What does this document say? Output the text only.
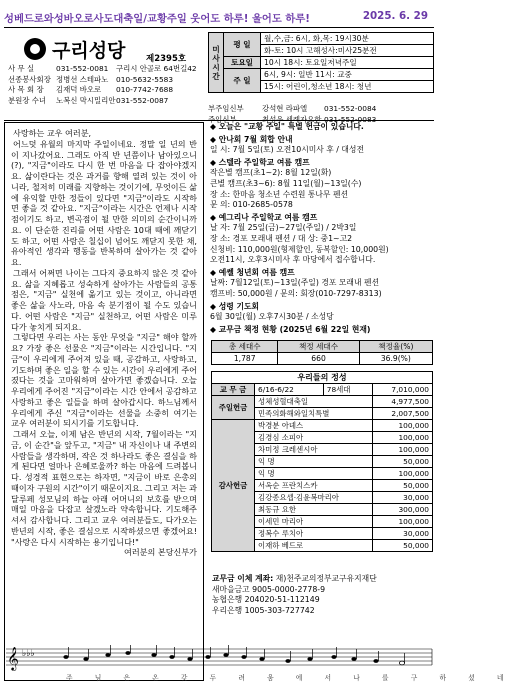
성베드로와성바오로사도대축일/교황주일 웃어도 하루! 울어도 하루!	2025. 6. 29
구리성당 제2395호
사 무 실	031-552-0081 구리시 안골로 64번길42
선종봉사회장 정병선 스테파노 010-5632-5583
사 목 회 장 김재덕 바오로 010-7742-7688
분원장 수녀 노복신 막시밀리안031-552-0087
미사시간	평 일	월,수,금: 6시, 화,목: 19시30분
		화-토: 10시 고해성사:미사25분전
	토요일	10시 18시: 토요일저녁주일
	주 일	6시, 9시: 일반 11시: 교중
		15시: 어린이,청소년 18시: 청년
부주임신부 강석현 라파엘 031-552-0084
주임신부	최성우 세례자요한 031-552-0083

사랑하는 교우 여러분,

어느덧 유월의 마지막 주일이네요. 정말 일 년의 반이 지나갔어요. 그래도 아직 반 년쯤이나 남아있으니(?), "지금"이라도 다시 한 번 마음을 다 잡아야겠지요. 삶이란다는 것은 과거를 향해 열려 있는 것이 아니라, 철저히 미래를 지향하는 것이기에, 무엇이든 삶에 유익할 만한 정들이 있다면 "지금"이라도 시작하면 좋을 것 같아요. "지금"이라는 시간은 언제나 시작점이기도 하고, 변곡점이 될 만한 의미의 순간이니까요. 이 단순한 진리를 어떤 사람은 10대 때에 깨닫기도 하고, 어떤 사람은 칠십이 넘어도 깨닫지 못한 채, 유아적인 생각과 행동을 반복하며 살아가는 것 같아요.

그래서 어쩌면 나이는 그다지 중요하지 않은 것 같아요. 삶을 지혜롭고 성숙하게 살아가는 사람들의 공통점은, "지금" 실천에 옮기고 있는 것이고, 아니라면 좋은 삶을 사노라, 마음 속 분기점이 될 수도 있습니다. 어떤 사람은 "지금" 실천하고, 어떤 사람은 미루다가 놓치게 되지요.

그렇다면 우리는 사는 동안 무엇을 "지금" 해야 할까요? 가장 좋은 선물은 "지금"이라는 시간입니다. "지금"이 우리에게 주어져 있을 때, 공감하고, 사랑하고, 기도하며 좋은 일을 할 수 있는 시간이 우리에게 주어졌다는 것을 고마워하며 살아가면 좋겠습니다. 오늘 우리에게 주어진 "지금"이라는 시간 안에서 공감하고 사랑하고 좋은 일들을 하며 살아갑시다. 하느님께서 우리에게 주신 "지금"이라는 선물을 소중히 여기는 교우 여러분이 되시기를 기도합니다.

그래서 오늘, 이제 남은 반년의 시작, 7월이라는 "지금, 이 순간"을 앞두고, "지금" 내 자신이나 내 주변의 사람들을 생각하며, 작은 것 하나라도 좋은 결심을 하게 된다면 얼마나 은혜로울까? 하는 마음에 드려봅니다. 성경적 표현으로는 하자면, "지금이 바로 은총의 때이자 구원의 시간"이기 때문이지요. 그리고 저는 과달루페 성모님의 하늘 아래 어머니의 보호를 받으며 매일 마음을 다잡고 살겠노라 약속합니다. 기도해주셔서 감사합니다. 그리고 교우 여러분들도, 다가오는 반년의 시작, 좋은 결심으로 시작하셨으면 좋겠어요! "사랑은 다시 시작하는 용기입니다!"

여러분의 본당신부가

◆ 오늘은 "교황 주일" 특별 헌금이 있습니다.
◆ 안나회 7월 회합 안내
일 시: 7월 5일(토) 오전10시미사 후 / 대성전
◆ 스텔라 주일학교 여름 캠프
작은별 캠프(초1~2): 8월 12일(화)
큰별 캠프(초3~6): 8월 11일(월)~13일(수)
장 소: 한마음 청소년 수련원 통나무 펜션
문 의: 010-2685-0578
◆ 예그리나 주일학교 여름 캠프
날 자: 7월 25일(금)~27일(주일) / 2박3일
장 소: 경포 모래내 펜션 / 대 상: 중1~고2
신청비: 110,000원(형제할인, 동복할인: 10,000원)
오전11시, 오후3시미사 후 마당에서 접수합니다.
◆ 예쎌 청년회 여름 캠프
날짜: 7월12일(토)~13일(주일) 경포 모래내 펜션
캠프비: 50,000원 / 문의: 회장(010-7297-8313)
◆ 성령 기도회
6월 30일(월) 오후7시30분 / 소성당
◆ 교무금 책정 현황 (2025년 6월 22일 현재)
총 세대수	책정 세대수	책정율(%)
1,787	660	36.9(%)
우리들의 정성			
교 무 금	6/16-6/22	78세대	7,010,000
주일헌금	성체성혈대축일		4,977,500
	민족의화해와일치특별		2,007,500
감사헌금	박경분 아녜스		100,000
	김경심 소피아		100,000
	차미정 크레센시아		100,000
	익 명		50,000
	익 명		100,000
	서옥순 프란치스카		50,000
	김강종요셉·김윤복마리아		30,000
	최동규 요한		300,000
	이세민 마리아		100,000
	정복수 루치아		30,000
	이재하 베드로		50,000
교무금 이체 계좌: 재)천주교의정부교구유지재단
새마을금고 9005-0000-2778-9
농협은행 204020-51-112149
우리은행 1005-303-727742
𝄞 ♭♭♭
주 님 은 온 갖 두 려 움 에 서 나 를 구 하 셨 네
